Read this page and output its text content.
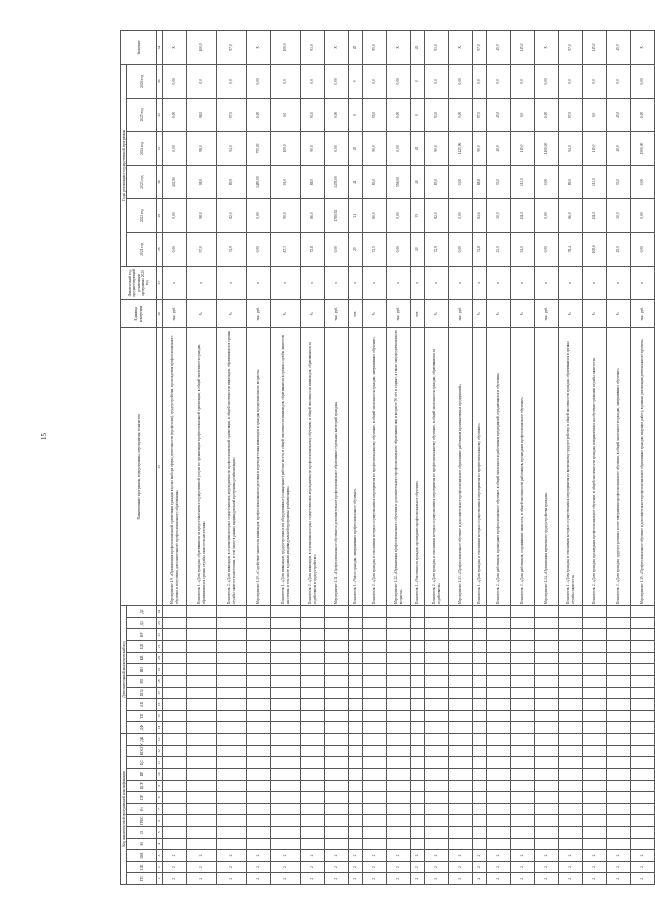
15
Код аналитической программной классификации													Дополнительный аналитический код											Наименование программы, подпрограммы, мероприятия, показателя	Единица измерения	Фактический год, предшествующий реализации программы 2020 год	Годы реализации государственной программы						Значение
ГП	ПП	ОМ	М	П	ГРБС	Рз	ПР	ЦСР	ВР	ЦС	КОСГУ	ДК	ДФ	ТП	АП	ПП2	РП	ВН	КВ	ЦП	НР	Д1	Д2				2021 год	2022 год	2023 год	2024 год	2025 год	2026 год	
1	2	3	4	5	6	7	8	9	10	11	12	13	14	15	16	17	18	19	20	21	22	23	24	25	26	27	28	29	30	31	32	33	34
2	2	2																						Мероприятие 1.9. «Организация профессиональной ориентации граждан в целях выбора сферы деятельности (профессии), трудоустройства, прохождения профессионального обучения и получения дополнительного профессионального образования»	тыс. руб.	х	0,00	0,00	402,90	0,00	0,00	0,00	Х
2	2	2																						Показатель 1. «Доля граждан, обратившихся за предоставлением государственной услуги по организации профессиональной ориентации, в общей численности граждан, обратившихся в органы службы занятости населения»	%	х	97,0	98,0	98,0	98,0	98,0	0,0	100,0
2	2	2																						Показатель 2. «Доля инвалидов, в отношении которых осуществлялись мероприятия по профессиональной ориентации, в общей численности инвалидов, обратившихся в органы службы занятости населения, в том числе в рамках индивидуальной программы реабилитации»	%	х	74,9	82,0	89,9	94,0	97,0	0,0	97,0
2	2	2																						Мероприятие 1.10. «Содействие занятости инвалидов, профессиональная подготовка и переподготовка инвалидов и граждан предпенсионного возраста»	тыс. руб.	х	0,00	0,00	1485,00	755,00	0,00	0,00	Х
2	2	2																						Показатель 1. «Доля инвалидов, трудоустроенных на оборудованные (оснащенные) рабочие места, в общей численности инвалидов, обратившихся в органы службы занятости населения, в том числе в рамках индивидуальной программы реабилитации»	%	х	87,3	90,0	91,0	100,0	0,0	0,0	100,0
2	2	2																						Показатель 2. «Доля инвалидов, в отношении которых осуществлялись мероприятия по профессиональному обучению, в общей численности инвалидов, обратившихся за содействием в трудоустройстве»	%	х	72,8	86,0	88,0	90,0	93,0	0,0	93,0
2	2	2																						Мероприятие 1.11. «Профессиональное обучение и дополнительное профессиональное образование отдельных категорий граждан»	тыс. руб.	х	0,00	1780,92	1478,00	0,00	0,00	0,00	Х
2	2	2																						Показатель 1. «Число граждан, завершивших профессиональное обучение»	чел.	х	20	21	41	45	0	0	45
2	2	2																						Показатель 2. «Доля граждан, в отношении которых осуществлялись мероприятия по профессиональному обучению, в общей численности граждан, завершивших обучение»	%	х	72,5	80,0	85,0	90,0	95,0	0,0	95,0
2	2	2																						Мероприятие 1.12. «Организация профессионального обучения и дополнительного профессионального образования лиц в возрасте 50 лет и старше, а также лиц предпенсионного возраста»	тыс. руб.	х	0,00	0,00	558,00	0,00	0,00	0,00	Х
2	2	2																						Показатель 1. «Численность граждан, прошедших профессиональное обучение»	чел.	х	20	35	40	45	0	0	45
2	2	2																						Показатель 2. «Доля граждан, в отношении которых осуществлялись мероприятия по профессиональному обучению, в общей численности граждан, обратившихся за содействием»	%	х	72,9	82,0	85,0	90,0	93,0	0,0	93,0
2	2	2																						Мероприятие 1.13. «Профессиональное обучение и дополнительное профессиональное образование работников промышленных предприятий»	тыс. руб.	х	0,00	0,00	0,00	1425,96	0,00	0,00	Х
2	2	2																						Показатель 1. «Доля граждан, в отношении которых осуществлялись мероприятия по профессиональному обучению»	%	х	74,8	84,6	88,8	90,0	97,0	0,0	97,0
2	2	2																						Показатель 2. «Доля работников, прошедших профессиональное обучение, в общей численности работников предприятий, нуждающихся в обучении»	%	х	23,0	30,0	35,0	40,0	45,0	0,0	45,0
2	2	2																						Показатель 3. «Доля работников, сохранивших занятость, в общей численности работников, прошедших профессиональное обучение»	%	х	94,0	111,0	113,0	115,0	0,0	0,0	115,0
2	2	2																						Мероприятие 1.14. «Организация временного трудоустройства граждан»	тыс. руб.	х	0,00	0,00	0,00	1100,00	0,00	0,00	Х
2	2	2																						Показатель 1. «Доля граждан, в отношении которых осуществлялись мероприятия по временному трудоустройству, в общей численности граждан, обратившихся в органы службы занятости»	%	х	78,4	86,0	89,0	94,0	97,0	0,0	97,0
2	2	2																						Показатель 2. «Доля граждан, прошедших профессиональное обучение, в общей численности граждан, направленных на обучение органами службы занятости»	%	х	108,6	111,0	113,0	115,0	0,0	0,0	115,0
2	2	2																						Показатель 3. «Доля граждан, трудоустроенных после завершения профессионального обучения, в общей численности граждан, завершивших обучение»	%	х	25,0	30,0	35,0	40,0	45,0	0,0	45,0
2	2	2																						Мероприятие 1.15. «Профессиональное обучение и дополнительное профессиональное образование граждан, ищущих работу, в рамках реализации регионального проекта»	тыс. руб.	х	0,00	0,00	0,00	1500,00	0,00	0,00	Х
